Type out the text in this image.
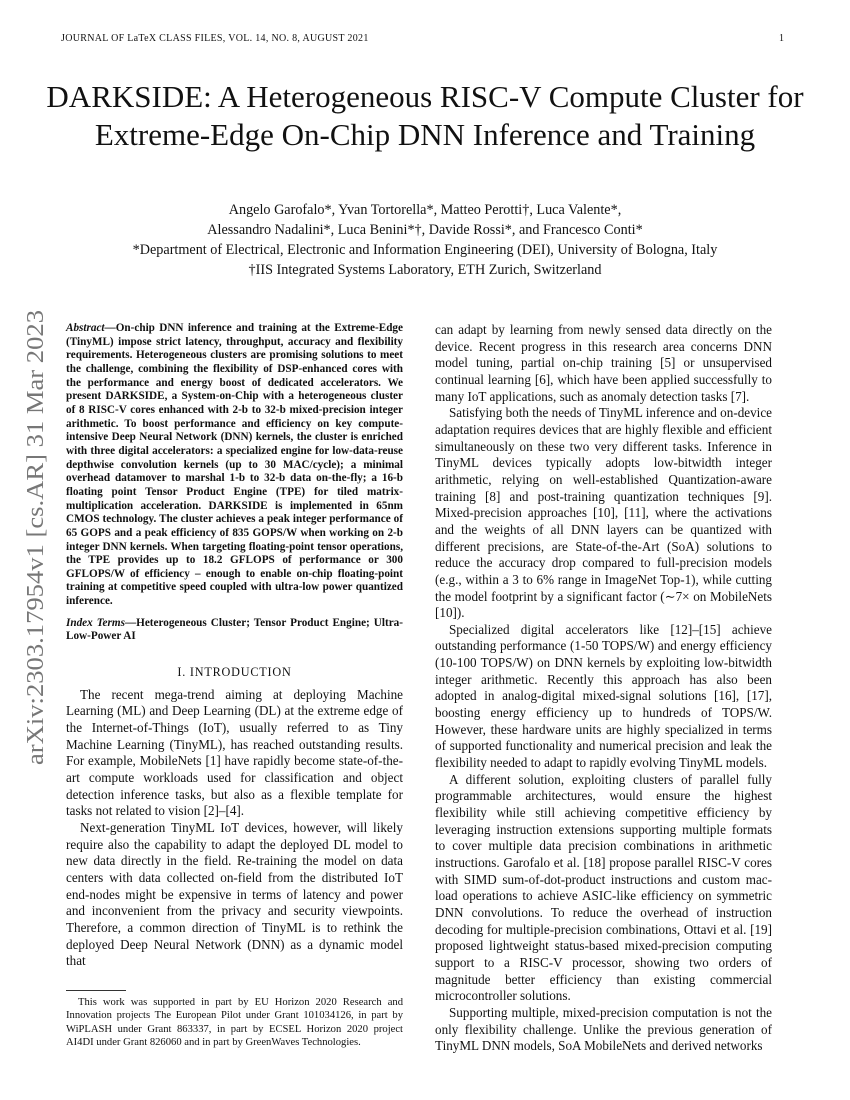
JOURNAL OF LaTeX CLASS FILES, VOL. 14, NO. 8, AUGUST 2021	1
DARKSIDE: A Heterogeneous RISC-V Compute Cluster for Extreme-Edge On-Chip DNN Inference and Training
Angelo Garofalo*, Yvan Tortorella*, Matteo Perotti†, Luca Valente*,
Alessandro Nadalini*, Luca Benini*†, Davide Rossi*, and Francesco Conti*
*Department of Electrical, Electronic and Information Engineering (DEI), University of Bologna, Italy
†IIS Integrated Systems Laboratory, ETH Zurich, Switzerland
arXiv:2303.17954v1 [cs.AR] 31 Mar 2023
Abstract—On-chip DNN inference and training at the Extreme-Edge (TinyML) impose strict latency, throughput, accuracy and flexibility requirements. Heterogeneous clusters are promising solutions to meet the challenge, combining the flexibility of DSP-enhanced cores with the performance and energy boost of dedicated accelerators. We present DARKSIDE, a System-on-Chip with a heterogeneous cluster of 8 RISC-V cores enhanced with 2-b to 32-b mixed-precision integer arithmetic. To boost performance and efficiency on key compute-intensive Deep Neural Network (DNN) kernels, the cluster is enriched with three digital accelerators: a specialized engine for low-data-reuse depthwise convolution kernels (up to 30 MAC/cycle); a minimal overhead datamover to marshal 1-b to 32-b data on-the-fly; a 16-b floating point Tensor Product Engine (TPE) for tiled matrix-multiplication acceleration. DARKSIDE is implemented in 65nm CMOS technology. The cluster achieves a peak integer performance of 65 GOPS and a peak efficiency of 835 GOPS/W when working on 2-b integer DNN kernels. When targeting floating-point tensor operations, the TPE provides up to 18.2 GFLOPS of performance or 300 GFLOPS/W of efficiency – enough to enable on-chip floating-point training at competitive speed coupled with ultra-low power quantized inference.
Index Terms—Heterogeneous Cluster; Tensor Product Engine; Ultra-Low-Power AI
I. INTRODUCTION

The recent mega-trend aiming at deploying Machine Learning (ML) and Deep Learning (DL) at the extreme edge of the Internet-of-Things (IoT), usually referred to as Tiny Machine Learning (TinyML), has reached outstanding results. For example, MobileNets [1] have rapidly become state-of-the-art compute workloads used for classification and object detection inference tasks, but also as a flexible template for tasks not related to vision [2]–[4].

Next-generation TinyML IoT devices, however, will likely require also the capability to adapt the deployed DL model to new data directly in the field. Re-training the model on data centers with data collected on-field from the distributed IoT end-nodes might be expensive in terms of latency and power and inconvenient from the privacy and security viewpoints. Therefore, a common direction of TinyML is to rethink the deployed Deep Neural Network (DNN) as a dynamic model that

This work was supported in part by EU Horizon 2020 Research and Innovation projects The European Pilot under Grant 101034126, in part by WiPLASH under Grant 863337, in part by ECSEL Horizon 2020 project AI4DI under Grant 826060 and in part by GreenWaves Technologies.

can adapt by learning from newly sensed data directly on the device. Recent progress in this research area concerns DNN model tuning, partial on-chip training [5] or unsupervised continual learning [6], which have been applied successfully to many IoT applications, such as anomaly detection tasks [7].

Satisfying both the needs of TinyML inference and on-device adaptation requires devices that are highly flexible and efficient simultaneously on these two very different tasks. Inference in TinyML devices typically adopts low-bitwidth integer arithmetic, relying on well-established Quantization-aware training [8] and post-training quantization techniques [9]. Mixed-precision approaches [10], [11], where the activations and the weights of all DNN layers can be quantized with different precisions, are State-of-the-Art (SoA) solutions to reduce the accuracy drop compared to full-precision models (e.g., within a 3 to 6% range in ImageNet Top-1), while cutting the model footprint by a significant factor (∼7× on MobileNets [10]).

Specialized digital accelerators like [12]–[15] achieve outstanding performance (1-50 TOPS/W) and energy efficiency (10-100 TOPS/W) on DNN kernels by exploiting low-bitwidth integer arithmetic. Recently this approach has also been adopted in analog-digital mixed-signal solutions [16], [17], boosting energy efficiency up to hundreds of TOPS/W. However, these hardware units are highly specialized in terms of supported functionality and numerical precision and leak the flexibility needed to adapt to rapidly evolving TinyML models.

A different solution, exploiting clusters of parallel fully programmable architectures, would ensure the highest flexibility while still achieving competitive efficiency by leveraging instruction extensions supporting multiple formats to cover multiple data precision combinations in arithmetic instructions. Garofalo et al. [18] propose parallel RISC-V cores with SIMD sum-of-dot-product instructions and custom mac-load operations to achieve ASIC-like efficiency on symmetric DNN convolutions. To reduce the overhead of instruction decoding for multiple-precision combinations, Ottavi et al. [19] proposed lightweight status-based mixed-precision computing support to a RISC-V processor, showing two orders of magnitude better efficiency than existing commercial microcontroller solutions.

Supporting multiple, mixed-precision computation is not the only flexibility challenge. Unlike the previous generation of TinyML DNN models, SoA MobileNets and derived networks
